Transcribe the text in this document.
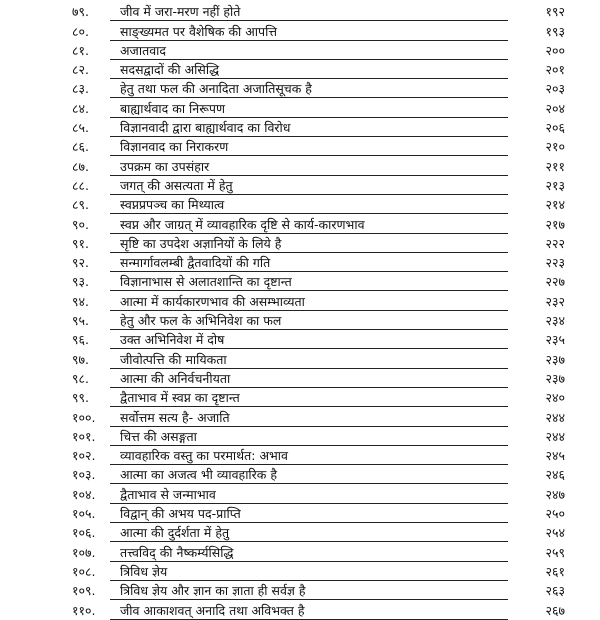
७९.	जीव में जरा-मरण नहीं होते	१९२
८०.	साङ्ख्यमत पर वैशेषिक की आपत्ति	१९३
८१.	अजातवाद	२००
८२.	सदसद्वादों की असिद्धि	२०१
८३.	हेतु तथा फल की अनादिता अजातिसूचक है	२०३
८४.	बाह्यार्थवाद का निरूपण	२०४
८५.	विज्ञानवादी द्वारा बाह्यार्थवाद का विरोध	२०६
८६.	विज्ञानवाद का निराकरण	२१०
८७.	उपक्रम का उपसंहार	२११
८८.	जगत् की असत्यता में हेतु	२१३
८९.	स्वप्नप्रपञ्च का मिथ्यात्व	२१४
९०.	स्वप्न और जाग्रत् में व्यावहारिक दृष्टि से कार्य-कारणभाव	२१७
९१.	सृष्टि का उपदेश अज्ञानियों के लिये है	२२२
९२.	सन्मार्गावलम्बी द्वैतवादियों की गति	२२३
९३.	विज्ञानाभास से अलातशान्ति का दृष्टान्त	२२७
९४.	आत्मा में कार्यकारणभाव की असम्भाव्यता	२३२
९५.	हेतु और फल के अभिनिवेश का फल	२३४
९६.	उक्त अभिनिवेश में दोष	२३५
९७.	जीवोत्पत्ति की मायिकता	२३७
९८.	आत्मा की अनिर्वचनीयता	२३७
९९.	द्वैताभाव में स्वप्न का दृष्टान्त	२४०
१००.	सर्वोत्तम सत्य है- अजाति	२४४
१०१.	चित्त की असङ्गता	२४४
१०२.	व्यावहारिक वस्तु का परमार्थत: अभाव	२४५
१०३.	आत्मा का अजत्व भी व्यावहारिक है	२४६
१०४.	द्वैताभाव से जन्माभाव	२४७
१०५.	विद्वान् की अभय पद-प्राप्ति	२५०
१०६.	आत्मा की दुर्दर्शता में हेतु	२५४
१०७.	तत्त्वविद् की नैष्कर्म्यसिद्धि	२५९
१०८.	त्रिविध ज्ञेय	२६१
१०९.	त्रिविध ज्ञेय और ज्ञान का ज्ञाता ही सर्वज्ञ है	२६३
११०.	जीव आकाशवत् अनादि तथा अविभक्त है	२६७
